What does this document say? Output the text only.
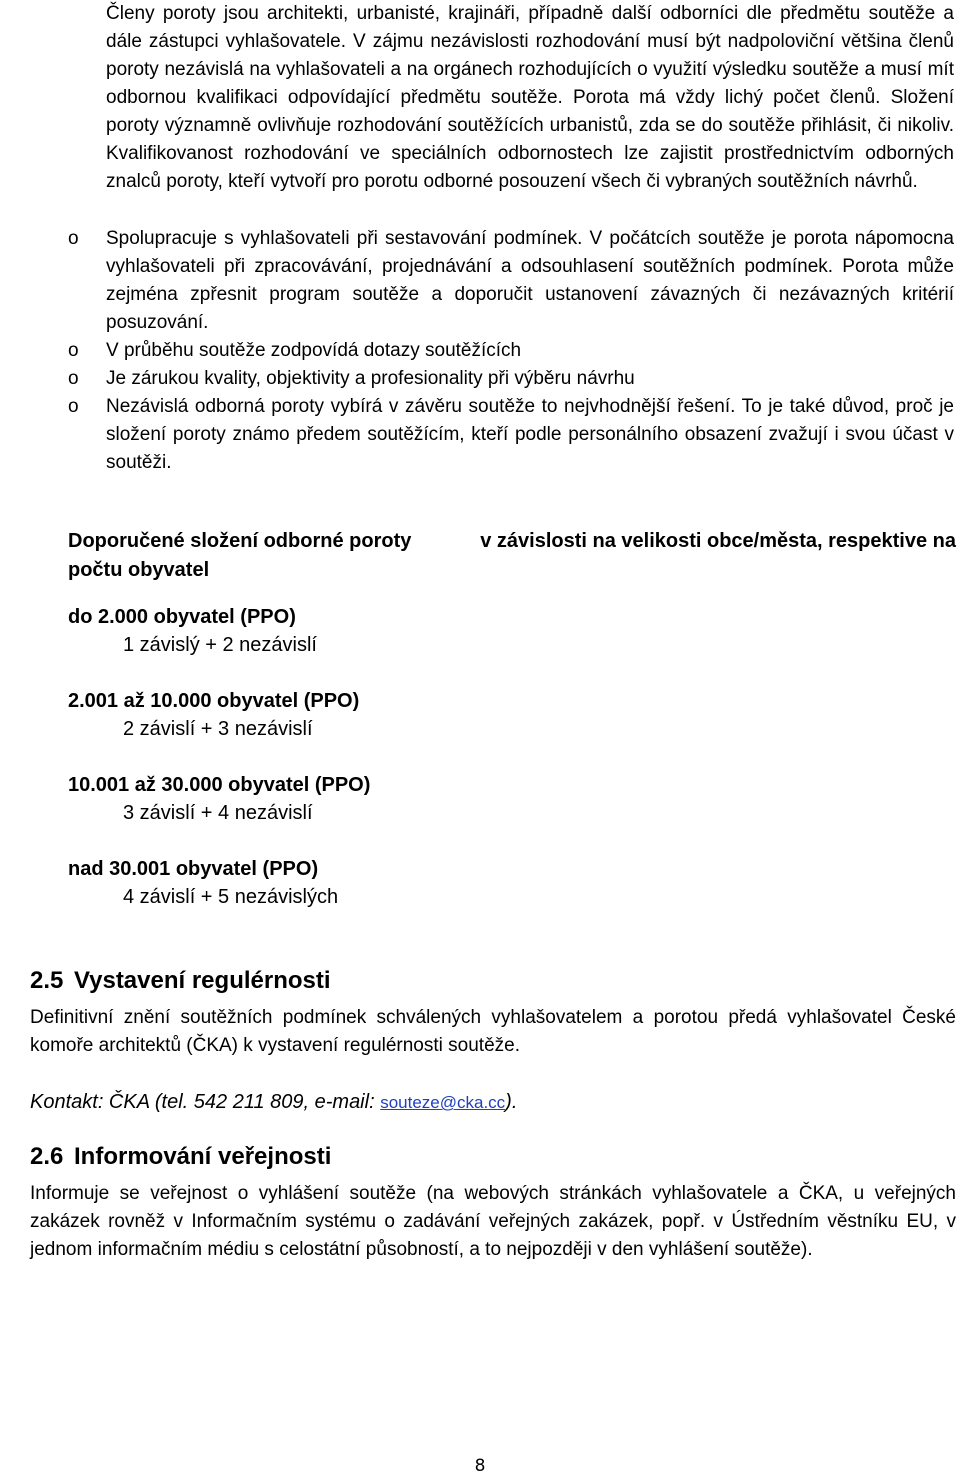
Členy poroty jsou architekti, urbanisté, krajináři, případně další odborníci dle předmětu soutěže a dále zástupci vyhlašovatele. V zájmu nezávislosti rozhodování musí být nadpoloviční většina členů poroty nezávislá na vyhlašovateli a na orgánech rozhodujících o využití výsledku soutěže a musí mít odbornou kvalifikaci odpovídající předmětu soutěže. Porota má vždy lichý počet členů. Složení poroty významně ovlivňuje rozhodování soutěžících urbanistů, zda se do soutěže přihlásit, či nikoliv. Kvalifikovanost rozhodování ve speciálních odbornostech lze zajistit prostřednictvím odborných znalců poroty, kteří vytvoří pro porotu odborné posouzení všech či vybraných soutěžních návrhů.

o	Spolupracuje s vyhlašovateli při sestavování podmínek. V počátcích soutěže je porota nápomocna vyhlašovateli při zpracovávání, projednávání a odsouhlasení soutěžních podmínek. Porota může zejména zpřesnit program soutěže a doporučit ustanovení závazných či nezávazných kritérií posuzování.

o	V průběhu soutěže zodpovídá dotazy soutěžících

o	Je zárukou kvality, objektivity a profesionality při výběru návrhu

o	Nezávislá odborná poroty vybírá v závěru soutěže to nejvhodnější řešení. To je také důvod, proč je složení poroty známo předem soutěžícím, kteří podle personálního obsazení zvažují i svou účast v soutěži.

Doporučené složení odborné poroty	v závislosti na velikosti obce/města, respektive na
počtu obyvatel
do 2.000 obyvatel (PPO)
1 závislý + 2 nezávislí
2.001 až 10.000 obyvatel (PPO)
2 závislí + 3 nezávislí
10.001 až 30.000 obyvatel (PPO)
3 závislí + 4 nezávislí
nad 30.001 obyvatel (PPO)
4 závislí + 5 nezávislých
2.5 Vystavení regulérnosti

Definitivní znění soutěžních podmínek schválených vyhlašovatelem a porotou předá vyhlašovatel České komoře architektů (ČKA) k vystavení regulérnosti soutěže.

Kontakt: ČKA (tel. 542 211 809, e-mail: souteze@cka.cc).

2.6 Informování veřejnosti

Informuje se veřejnost o vyhlášení soutěže (na webových stránkách vyhlašovatele a ČKA, u veřejných zakázek rovněž v Informačním systému o zadávání veřejných zakázek, popř. v Ústředním věstníku EU, v jednom informačním médiu s celostátní působností, a to nejpozději v den vyhlášení soutěže).

8
